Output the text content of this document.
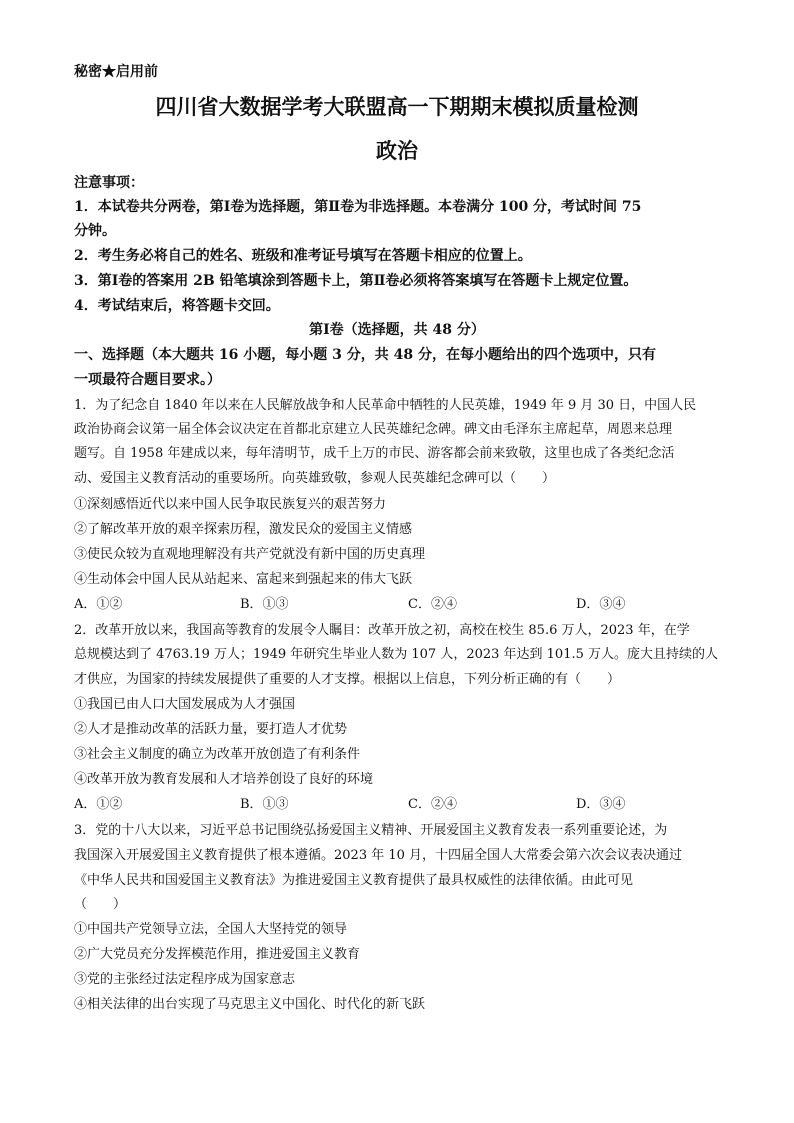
秘密★启用前
四川省大数据学考大联盟高一下期期末模拟质量检测
政治
注意事项：
1．本试卷共分两卷，第Ⅰ卷为选择题，第Ⅱ卷为非选择题。本卷满分 100 分，考试时间 75
分钟。
2．考生务必将自己的姓名、班级和准考证号填写在答题卡相应的位置上。
3．第Ⅰ卷的答案用 2B 铅笔填涂到答题卡上，第Ⅱ卷必须将答案填写在答题卡上规定位置。
4．考试结束后，将答题卡交回。
第Ⅰ卷（选择题，共 48 分）
一、选择题（本大题共 16 小题，每小题 3 分，共 48 分，在每小题给出的四个选项中，只有
一项最符合题目要求。）
1．为了纪念自 1840 年以来在人民解放战争和人民革命中牺牲的人民英雄，1949 年 9 月 30 日，中国人民
政治协商会议第一届全体会议决定在首都北京建立人民英雄纪念碑。碑文由毛泽东主席起草，周恩来总理
题写。自 1958 年建成以来，每年清明节，成千上万的市民、游客都会前来致敬，这里也成了各类纪念活
动、爱国主义教育活动的重要场所。向英雄致敬，参观人民英雄纪念碑可以（　　）
①深刻感悟近代以来中国人民争取民族复兴的艰苦努力
②了解改革开放的艰辛探索历程，激发民众的爱国主义情感
③使民众较为直观地理解没有共产党就没有新中国的历史真理
④生动体会中国人民从站起来、富起来到强起来的伟大飞跃
A．①②	B．①③	C．②④	D．③④
2．改革开放以来，我国高等教育的发展令人瞩目：改革开放之初，高校在校生 85.6 万人，2023 年，在学
总规模达到了 4763.19 万人；1949 年研究生毕业人数为 107 人，2023 年达到 101.5 万人。庞大且持续的人
才供应，为国家的持续发展提供了重要的人才支撑。根据以上信息，下列分析正确的有（　　）
①我国已由人口大国发展成为人才强国
②人才是推动改革的活跃力量，要打造人才优势
③社会主义制度的确立为改革开放创造了有利条件
④改革开放为教育发展和人才培养创设了良好的环境
A．①②	B．①③	C．②④	D．③④
3．党的十八大以来，习近平总书记围绕弘扬爱国主义精神、开展爱国主义教育发表一系列重要论述，为
我国深入开展爱国主义教育提供了根本遵循。2023 年 10 月，十四届全国人大常委会第六次会议表决通过
《中华人民共和国爱国主义教育法》为推进爱国主义教育提供了最具权威性的法律依循。由此可见
（　　）
①中国共产党领导立法，全国人大坚持党的领导
②广大党员充分发挥模范作用，推进爱国主义教育
③党的主张经过法定程序成为国家意志
④相关法律的出台实现了马克思主义中国化、时代化的新飞跃
